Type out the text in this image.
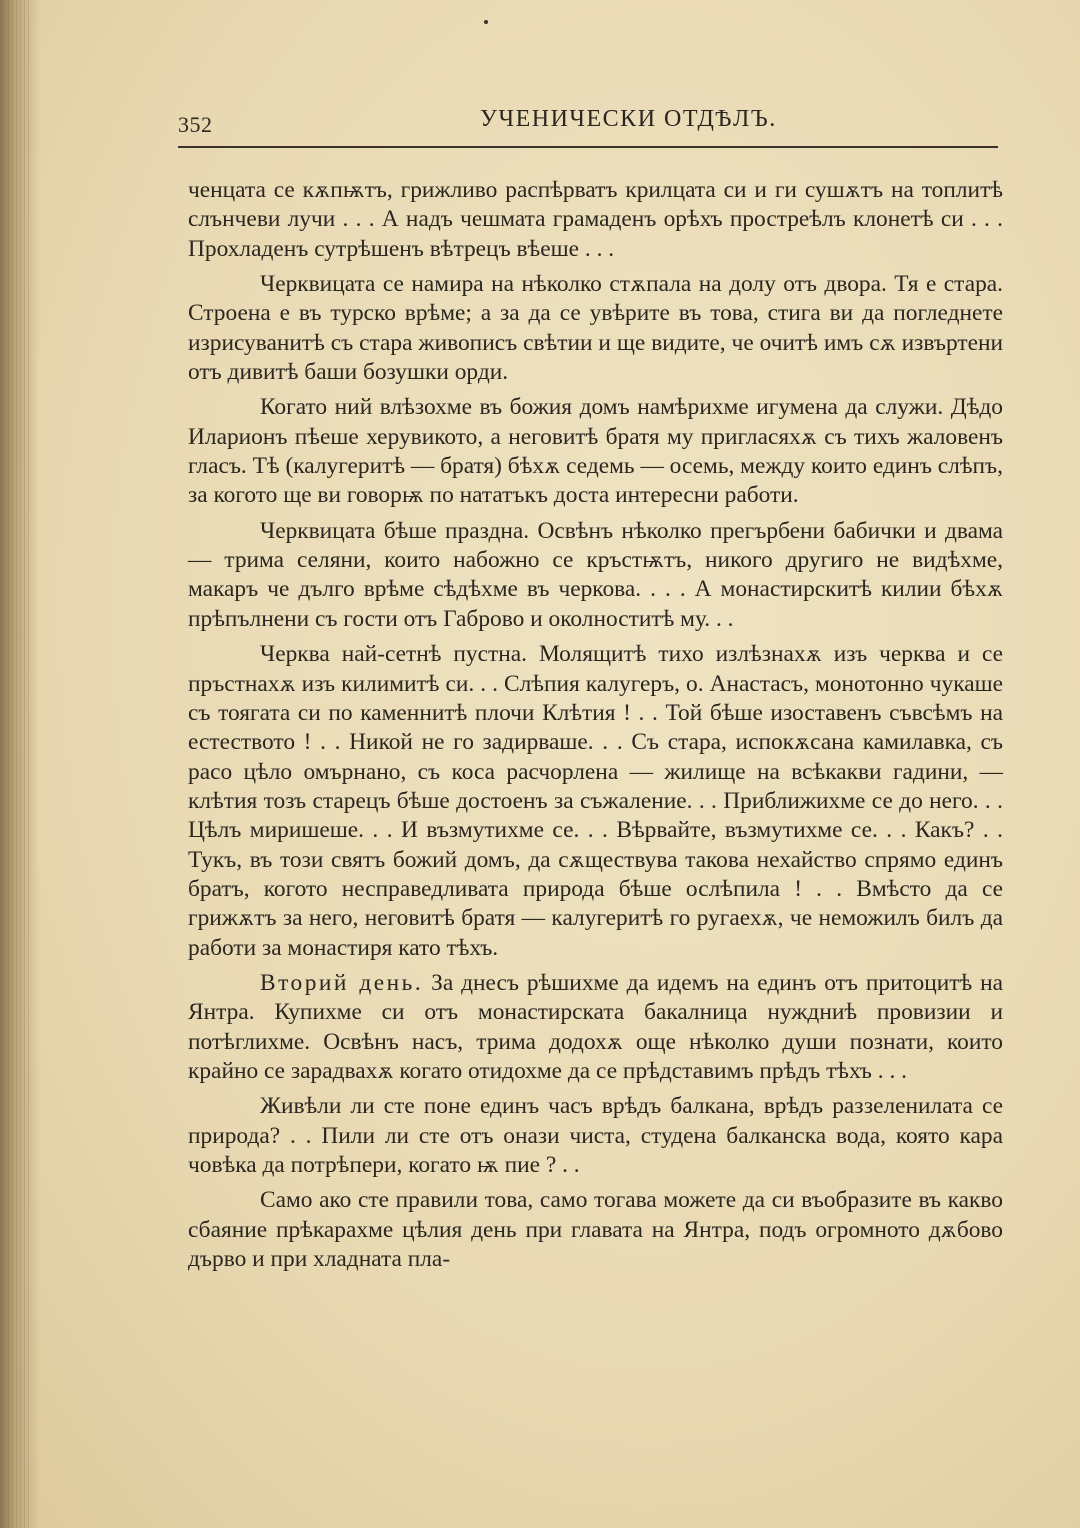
352	УЧЕНИЧЕСКИ ОТДѢЛЪ.

ченцата се кѫпѭтъ, грижливо распѣрватъ крилцата си и ги сушѫтъ на топлитѣ слънчеви лучи . . . А надъ чешмата грамаденъ орѣхъ простреѣлъ клонетѣ си . . . Прохладенъ сутрѣшенъ вѣтрецъ вѣеше . . .

Черквицата се намира на нѣколко стѫпала на долу отъ двора. Тя е стара. Строена е въ турско врѣме; а за да се увѣрите въ това, стига ви да погледнете изрисуванитѣ съ стара живописъ свѣтии и ще видите, че очитѣ имъ сѫ извъртени отъ дивитѣ баши бозушки орди.

Когато ний влѣзохме въ божия домъ намѣрихме игумена да служи. Дѣдо Иларионъ пѣеше херувикото, а неговитѣ братя му пригласяхѫ съ тихъ жаловенъ гласъ. Тѣ (калугеритѣ — братя) бѣхѫ седемь — осемь, между които единъ слѣпъ, за когото ще ви говорѭ по нататъкъ доста интересни работи.

Черквицата бѣше праздна. Освѣнъ нѣколко прегърбени бабички и двама — трима селяни, които набожно се кръстѭтъ, никого другиго не видѣхме, макаръ че дълго врѣме сѣдѣхме въ черкова. . . . А монастирскитѣ килии бѣхѫ прѣпълнени съ гости отъ Габрово и околноститѣ му. . .

Черква най-сетнѣ пустна. Молящитѣ тихо излѣзнахѫ изъ черква и се пръстнахѫ изъ килимитѣ си. . . Слѣпия калугеръ, о. Анастасъ, монотонно чукаше съ тоягата си по каменнитѣ плочи Клѣтия ! . . Той бѣше изоставенъ съвсѣмъ на естеството ! . . Никой не го задирваше. . . Съ стара, испокѫсана камилавка, съ расо цѣло омърнано, съ коса расчорлена — жилище на всѣкакви гадини, — клѣтия тозъ старецъ бѣше достоенъ за съжаление. . . Приближихме се до него. . . Цѣлъ миришеше. . . И възмутихме се. . . Вѣрвайте, възмутихме се. . . Какъ? . . Тукъ, въ този святъ божий домъ, да сѫществува такова нехайство спрямо единъ братъ, когото несправедливата природа бѣше ослѣпила ! . . Вмѣсто да се грижѫтъ за него, неговитѣ братя — калугеритѣ го ругаехѫ, че неможилъ билъ да работи за монастиря като тѣхъ.

Вторий день. За днесъ рѣшихме да идемъ на единъ отъ притоцитѣ на Янтра. Купихме си отъ монастирската бакалница нуждниѣ провизии и потѣглихме. Освѣнъ насъ, трима додохѫ още нѣколко души познати, които крайно се зарадвахѫ когато отидохме да се прѣдставимъ прѣдъ тѣхъ . . .

Живѣли ли сте поне единъ часъ врѣдъ балкана, врѣдъ раззеленилата се природа? . . Пили ли сте отъ онази чиста, студена балканска вода, която кара човѣка да потрѣпери, когато ѭ пие ? . .

Само ако сте правили това, само тогава можете да си въобразите въ какво сбаяние прѣкарахме цѣлия день при главата на Янтра, подъ огромното дѫбово дърво и при хладната пла-
